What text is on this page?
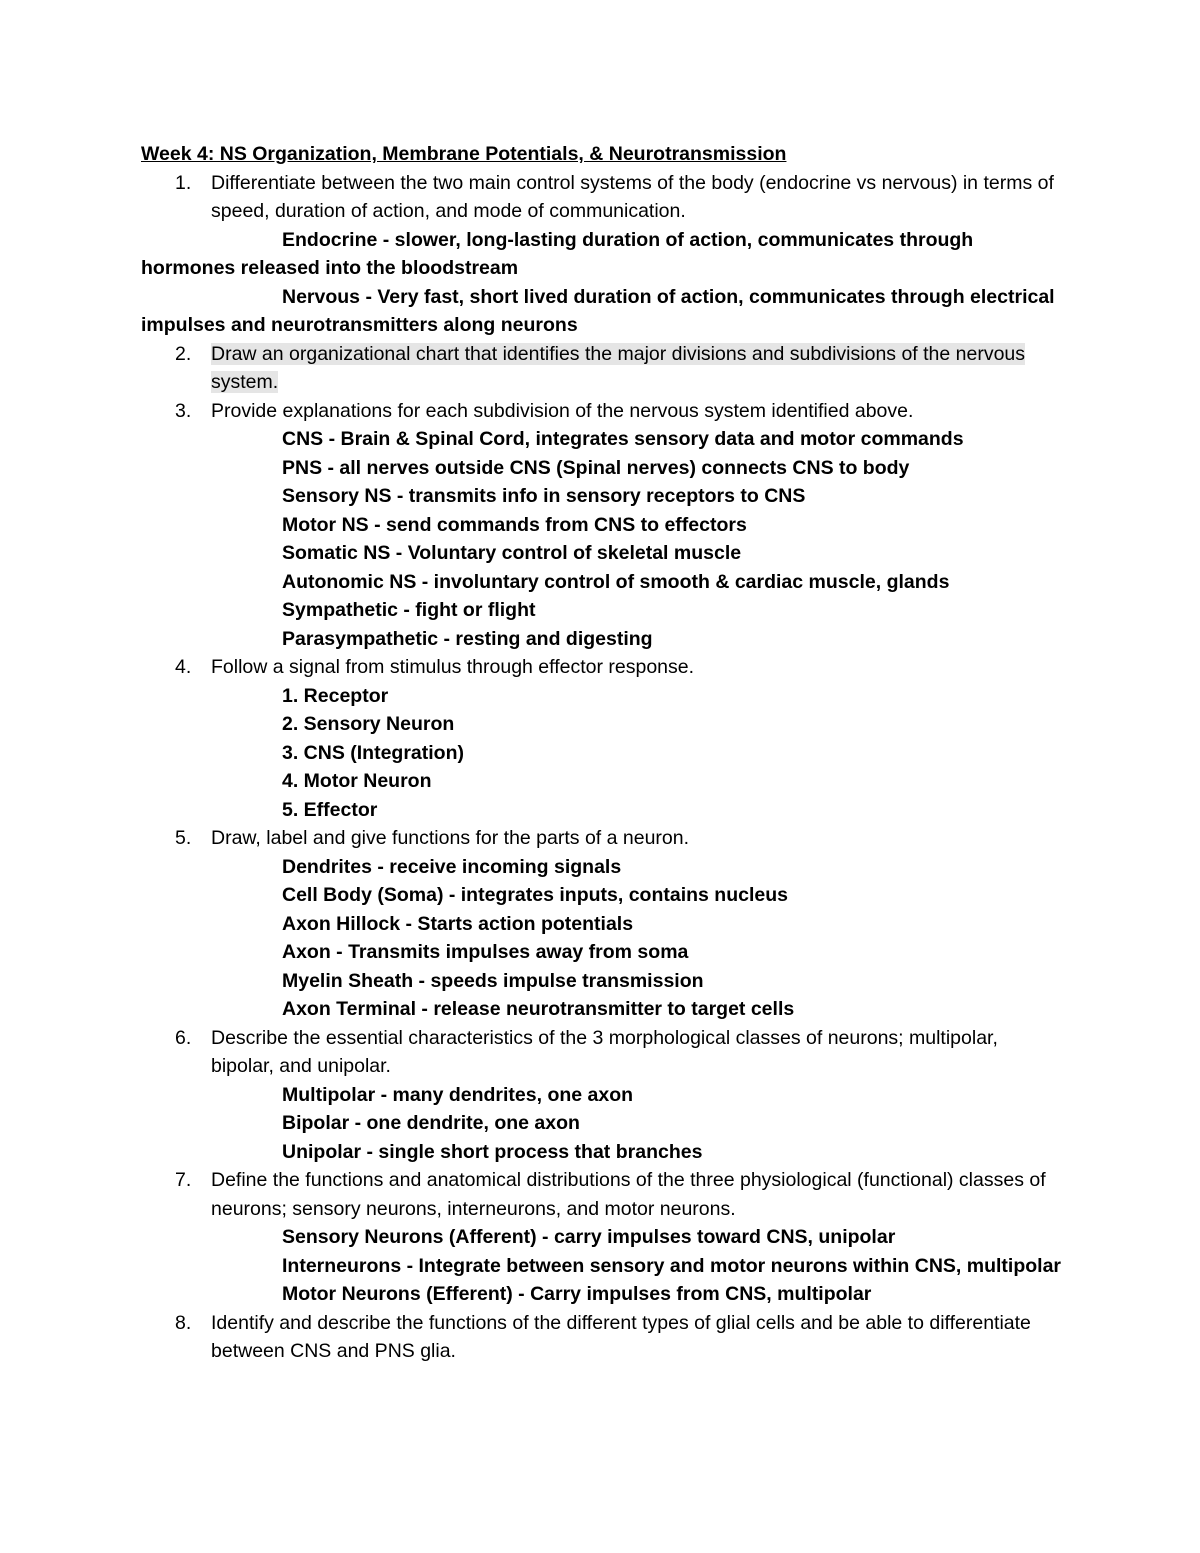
Week 4: NS Organization, Membrane Potentials, & Neurotransmission
1. Differentiate between the two main control systems of the body (endocrine vs nervous) in terms of speed, duration of action, and mode of communication.
Endocrine - slower, long-lasting duration of action, communicates through hormones released into the bloodstream
Nervous - Very fast, short lived duration of action, communicates through electrical impulses and neurotransmitters along neurons
2. Draw an organizational chart that identifies the major divisions and subdivisions of the nervous system.
3. Provide explanations for each subdivision of the nervous system identified above.
CNS - Brain & Spinal Cord, integrates sensory data and motor commands
PNS - all nerves outside CNS (Spinal nerves) connects CNS to body
Sensory NS - transmits info in sensory receptors to CNS
Motor NS - send commands from CNS to effectors
Somatic NS - Voluntary control of skeletal muscle
Autonomic NS - involuntary control of smooth & cardiac muscle, glands
Sympathetic - fight or flight
Parasympathetic - resting and digesting
4. Follow a signal from stimulus through effector response.
1. Receptor
2. Sensory Neuron
3. CNS (Integration)
4. Motor Neuron
5. Effector
5. Draw, label and give functions for the parts of a neuron.
Dendrites - receive incoming signals
Cell Body (Soma) - integrates inputs, contains nucleus
Axon Hillock - Starts action potentials
Axon - Transmits impulses away from soma
Myelin Sheath - speeds impulse transmission
Axon Terminal - release neurotransmitter to target cells
6. Describe the essential characteristics of the 3 morphological classes of neurons; multipolar, bipolar, and unipolar.
Multipolar - many dendrites, one axon
Bipolar - one dendrite, one axon
Unipolar - single short process that branches
7. Define the functions and anatomical distributions of the three physiological (functional) classes of neurons; sensory neurons, interneurons, and motor neurons.
Sensory Neurons (Afferent) - carry impulses toward CNS, unipolar
Interneurons - Integrate between sensory and motor neurons within CNS, multipolar
Motor Neurons (Efferent) - Carry impulses from CNS, multipolar
8. Identify and describe the functions of the different types of glial cells and be able to differentiate between CNS and PNS glia.
